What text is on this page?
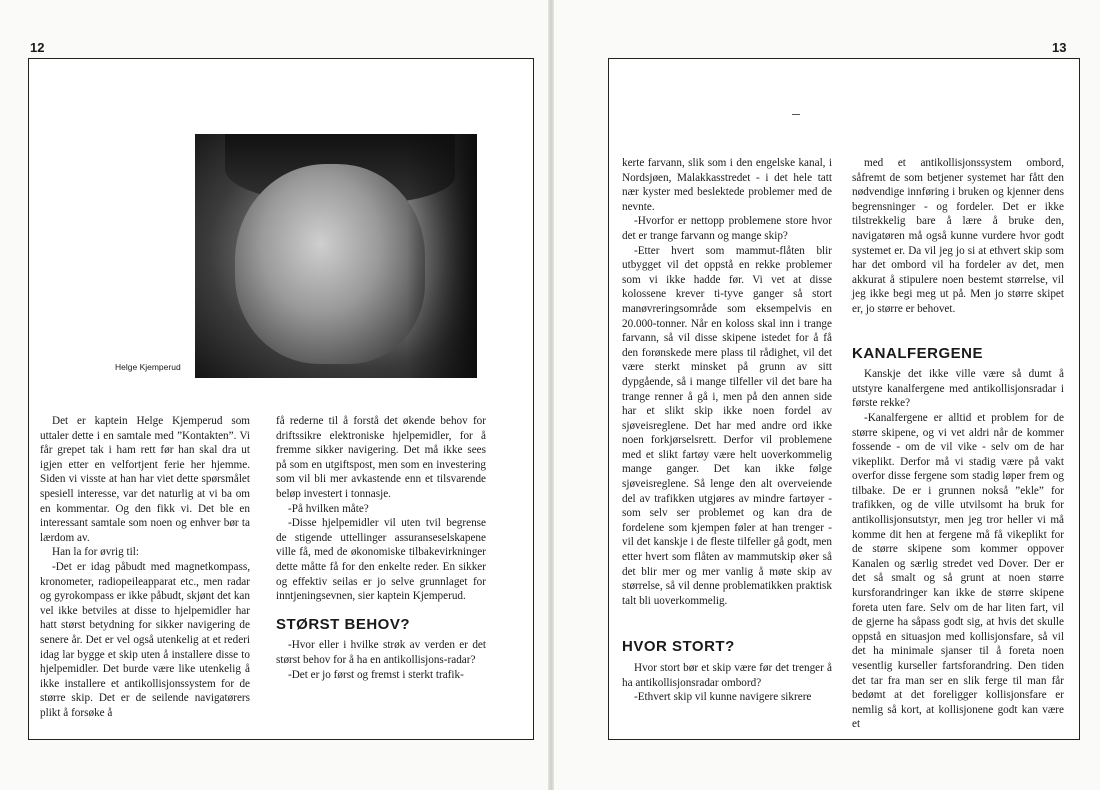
12
Helge Kjemperud

Det er kaptein Helge Kjemperud som uttaler dette i en samtale med ”Kontakten”. Vi får grepet tak i ham rett før han skal dra ut igjen etter en velfortjent ferie her hjemme. Siden vi visste at han har viet dette spørsmålet spesiell interesse, var det naturlig at vi ba om en kommentar. Og den fikk vi. Det ble en interessant samtale som noen og enhver bør ta lærdom av.

Han la for øvrig til:

-Det er idag påbudt med magnetkompass, kronometer, radiopeileapparat etc., men radar og gyrokompass er ikke påbudt, skjønt det kan vel ikke betviles at disse to hjelpemidler har hatt størst betydning for sikker navigering de senere år. Det er vel også utenkelig at et rederi idag lar bygge et skip uten å installere disse to hjelpemidler. Det burde være like utenkelig å ikke installere et antikollisjonssystem for de større skip. Det er de seilende navigatørers plikt å forsøke å

få rederne til å forstå det økende behov for driftssikre elektroniske hjelpemidler, for å fremme sikker navigering. Det må ikke sees på som en utgiftspost, men som en investering som vil bli mer avkastende enn et tilsvarende beløp investert i tonnasje.

-På hvilken måte?

-Disse hjelpemidler vil uten tvil begrense de stigende uttellinger assuranseselskapene ville få, med de økonomiske tilbakevirkninger dette måtte få for den enkelte reder. En sikker og effektiv seilas er jo selve grunnlaget for inntjeningsevnen, sier kaptein Kjemperud.

STØRST BEHOV?

-Hvor eller i hvilke strøk av verden er det størst behov for å ha en antikollisjons-radar?

-Det er jo først og fremst i sterkt trafik-

13

kerte farvann, slik som i den engelske kanal, i Nordsjøen, Malakkasstredet - i det hele tatt nær kyster med beslektede problemer med de nevnte.

-Hvorfor er nettopp problemene store hvor det er trange farvann og mange skip?

-Etter hvert som mammut-flåten blir utbygget vil det oppstå en rekke problemer som vi ikke hadde før. Vi vet at disse kolossene krever ti-tyve ganger så stort manøvreringsområde som eksempelvis en 20.000-tonner. Når en koloss skal inn i trange farvann, så vil disse skipene istedet for å få den forønskede mere plass til rådighet, vil det være sterkt minsket på grunn av sitt dypgående, så i mange tilfeller vil det bare ha trange renner å gå i, men på den annen side har et slikt skip ikke noen fordel av sjøveisreglene. Det har med andre ord ikke noen forkjørselsrett. Derfor vil problemene med et slikt fartøy være helt uoverkommelig mange ganger. Det kan ikke følge sjøveisreglene. Så lenge den alt overveiende del av trafikken utgjøres av mindre fartøyer - som selv ser problemet og kan dra de fordelene som kjempen føler at han trenger - vil det kanskje i de fleste tilfeller gå godt, men etter hvert som flåten av mammutskip øker så det blir mer og mer vanlig å møte skip av størrelse, så vil denne problematikken praktisk talt bli uoverkommelig.

HVOR STORT?

Hvor stort bør et skip være før det trenger å ha antikollisjonsradar ombord?

-Ethvert skip vil kunne navigere sikrere

med et antikollisjonssystem ombord, såfremt de som betjener systemet har fått den nødvendige innføring i bruken og kjenner dens begrensninger - og fordeler. Det er ikke tilstrekkelig bare å lære å bruke den, navigatøren må også kunne vurdere hvor godt systemet er. Da vil jeg jo si at ethvert skip som har det ombord vil ha fordeler av det, men akkurat å stipulere noen bestemt størrelse, vil jeg ikke begi meg ut på. Men jo større skipet er, jo større er behovet.

KANALFERGENE

Kanskje det ikke ville være så dumt å utstyre kanalfergene med antikollisjonsradar i første rekke?

-Kanalfergene er alltid et problem for de større skipene, og vi vet aldri når de kommer fossende - om de vil vike - selv om de har vikeplikt. Derfor må vi stadig være på vakt overfor disse fergene som stadig løper frem og tilbake. De er i grunnen nokså ”ekle” for trafikken, og de ville utvilsomt ha bruk for antikollisjonsutstyr, men jeg tror heller vi må komme dit hen at fergene må få vikeplikt for de større skipene som kommer oppover Kanalen og særlig stredet ved Dover. Der er det så smalt og så grunt at noen større kursforandringer kan ikke de større skipene foreta uten fare. Selv om de har liten fart, vil de gjerne ha såpass godt sig, at hvis det skulle oppstå en situasjon med kollisjonsfare, så vil det ha minimale sjanser til å foreta noen vesentlig kurseller fartsforandring. Den tiden det tar fra man ser en slik ferge til man får bedømt at det foreligger kollisjonsfare er nemlig så kort, at kollisjonene godt kan være et
